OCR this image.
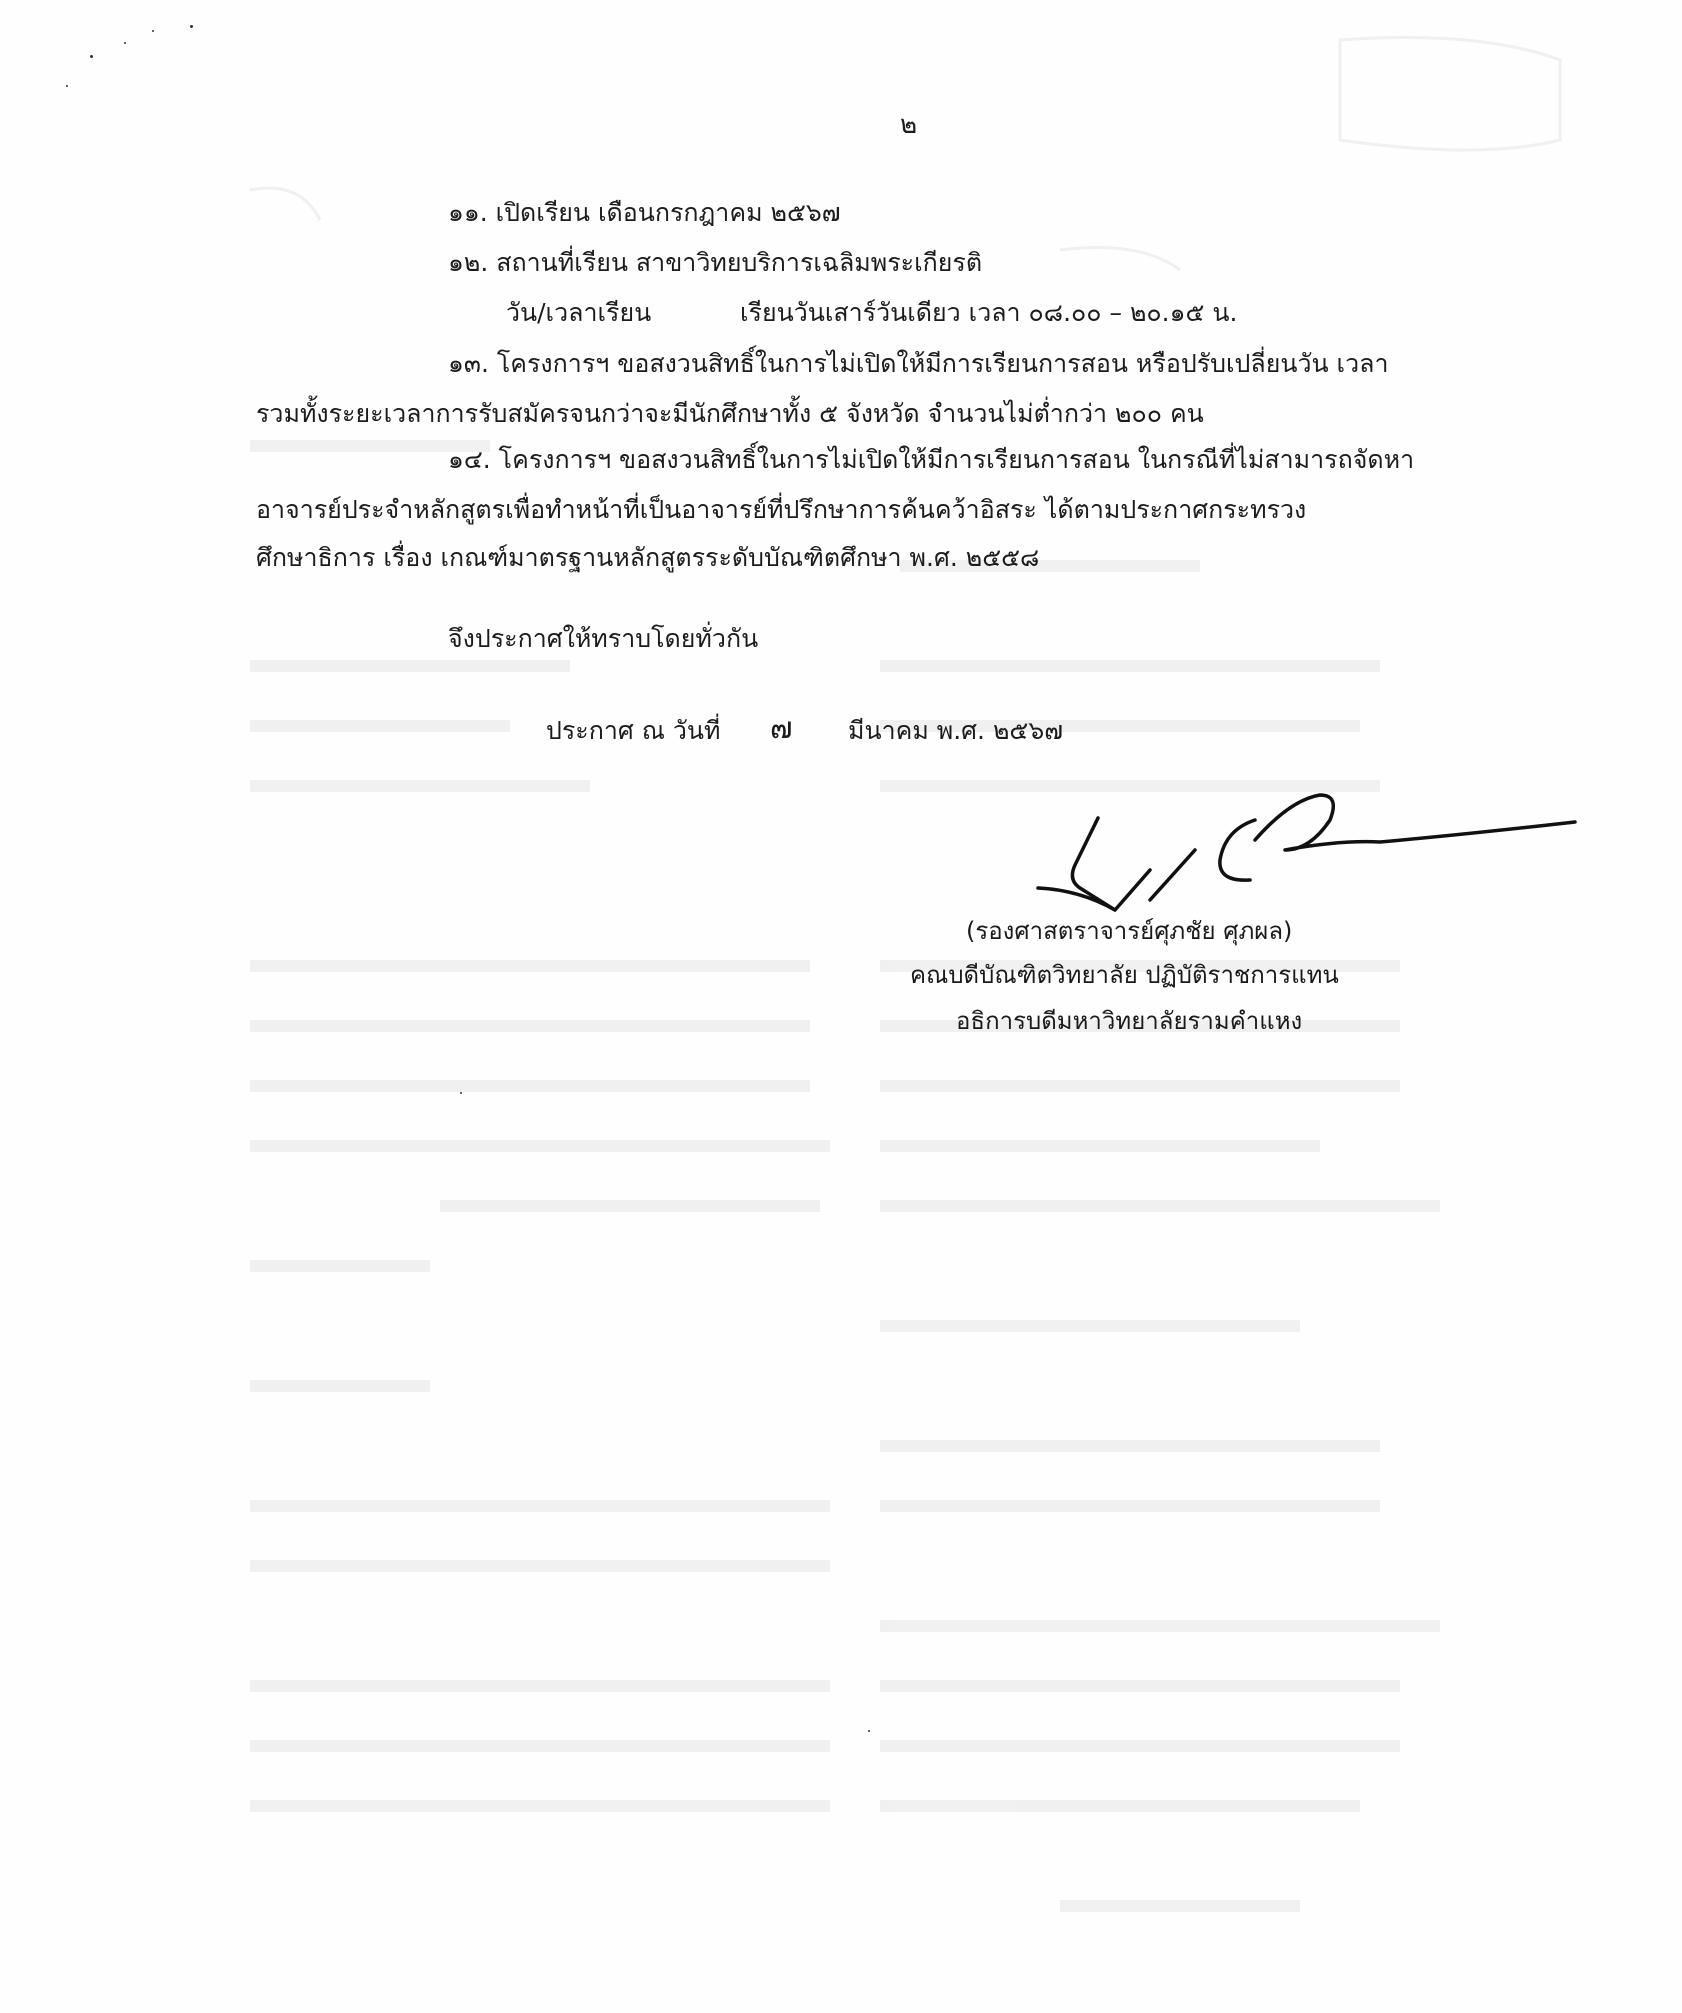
๒
๑๑. เปิดเรียน เดือนกรกฎาคม ๒๕๖๗
๑๒. สถานที่เรียน สาขาวิทยบริการเฉลิมพระเกียรติ
วัน/เวลาเรียน	เรียนวันเสาร์วันเดียว เวลา ๐๘.๐๐ – ๒๐.๑๕ น.
๑๓. โครงการฯ ขอสงวนสิทธิ์ในการไม่เปิดให้มีการเรียนการสอน หรือปรับเปลี่ยนวัน เวลา
รวมทั้งระยะเวลาการรับสมัครจนกว่าจะมีนักศึกษาทั้ง ๕ จังหวัด จำนวนไม่ต่ำกว่า ๒๐๐ คน
๑๔. โครงการฯ ขอสงวนสิทธิ์ในการไม่เปิดให้มีการเรียนการสอน ในกรณีที่ไม่สามารถจัดหา
อาจารย์ประจำหลักสูตรเพื่อทำหน้าที่เป็นอาจารย์ที่ปรึกษาการค้นคว้าอิสระ ได้ตามประกาศกระทรวง
ศึกษาธิการ เรื่อง เกณฑ์มาตรฐานหลักสูตรระดับบัณฑิตศึกษา พ.ศ. ๒๕๕๘
จึงประกาศให้ทราบโดยทั่วกัน
ประกาศ ณ วันที่ ๗ มีนาคม พ.ศ. ๒๕๖๗
(รองศาสตราจารย์ศุภชัย ศุภผล)
คณบดีบัณฑิตวิทยาลัย ปฏิบัติราชการแทน
อธิการบดีมหาวิทยาลัยรามคำแหง
